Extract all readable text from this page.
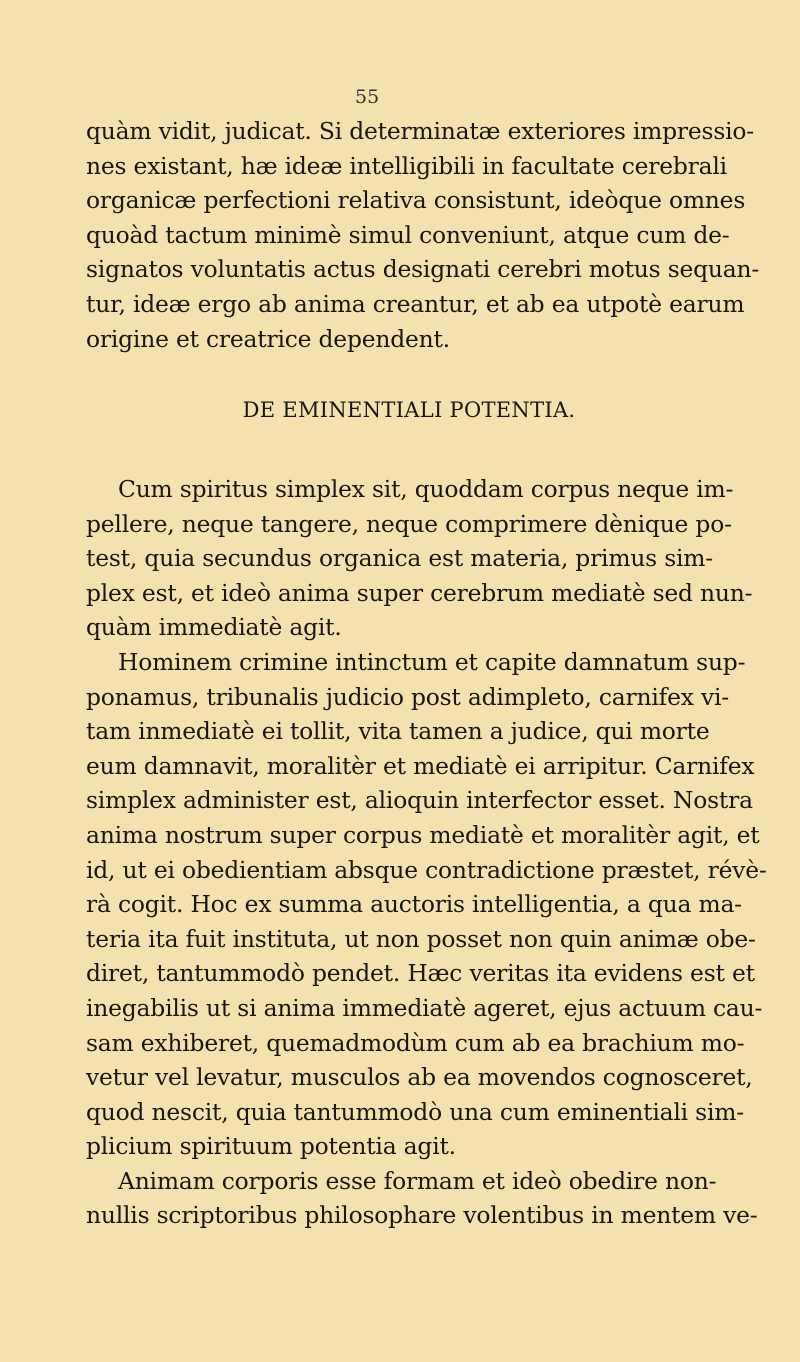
55
quàm vidit, judicat. Si determinatæ exteriores impressio-
nes existant, hæ ideæ intelligibili in facultate cerebrali
organicæ perfectioni relativa consistunt, ideòque omnes
quoàd tactum minimè simul conveniunt, atque cum de-
signatos voluntatis actus designati cerebri motus sequan-
tur, ideæ ergo ab anima creantur, et ab ea utpotè earum
origine et creatrice dependent.
DE EMINENTIALI POTENTIA.
Cum spiritus simplex sit, quoddam corpus neque im-
pellere, neque tangere, neque comprimere dènique po-
test, quia secundus organica est materia, primus sim-
plex est, et ideò anima super cerebrum mediatè sed nun-
quàm immediatè agit.
Hominem crimine intinctum et capite damnatum sup-
ponamus, tribunalis judicio post adimpleto, carnifex vi-
tam inmediatè ei tollit, vita tamen a judice, qui morte
eum damnavit, moralitèr et mediatè ei arripitur. Carnifex
simplex administer est, alioquin interfector esset. Nostra
anima nostrum super corpus mediatè et moralitèr agit, et
id, ut ei obedientiam absque contradictione præstet, révè-
rà cogit. Hoc ex summa auctoris intelligentia, a qua ma-
teria ita fuit instituta, ut non posset non quin animæ obe-
diret, tantummodò pendet. Hæc veritas ita evidens est et
inegabilis ut si anima immediatè ageret, ejus actuum cau-
sam exhiberet, quemadmodùm cum ab ea brachium mo-
vetur vel levatur, musculos ab ea movendos cognosceret,
quod nescit, quia tantummodò una cum eminentiali sim-
plicium spirituum potentia agit.
Animam corporis esse formam et ideò obedire non-
nullis scriptoribus philosophare volentibus in mentem ve-
